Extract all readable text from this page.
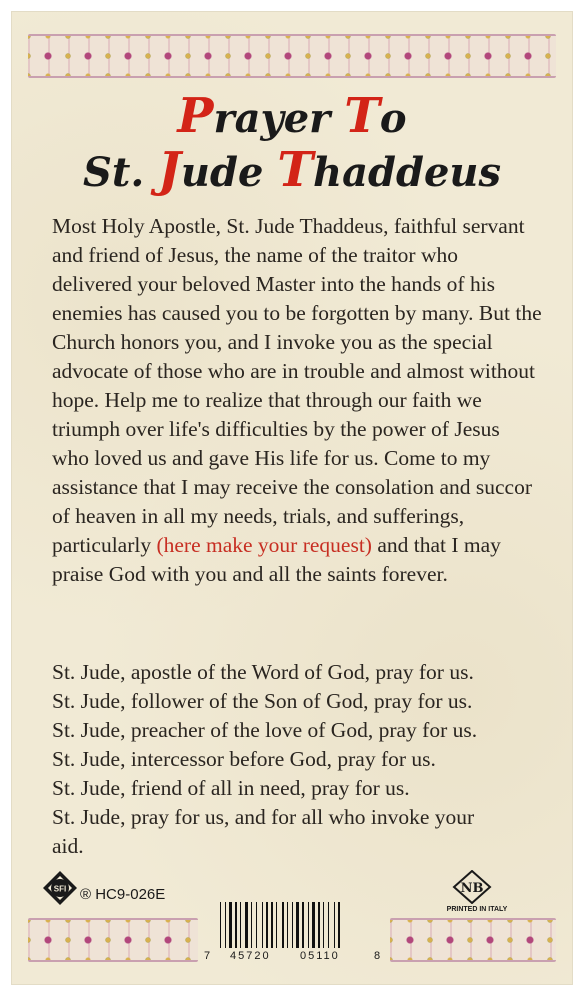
Prayer To
St. Jude Thaddeus
Most Holy Apostle, St. Jude Thaddeus, faithful servant and friend of Jesus, the name of the traitor who delivered your beloved Master into the hands of his enemies has caused you to be forgotten by many. But the Church honors you, and I invoke you as the special advocate of those who are in trouble and almost without hope. Help me to realize that through our faith we triumph over life's difficulties by the power of Jesus who loved us and gave His life for us. Come to my assistance that I may receive the consolation and succor of heaven in all my needs, trials, and sufferings, particularly (here make your request) and that I may praise God with you and all the saints forever.
St. Jude, apostle of the Word of God, pray for us.
St. Jude, follower of the Son of God, pray for us.
St. Jude, preacher of the love of God, pray for us.
St. Jude, intercessor before God, pray for us.
St. Jude, friend of all in need, pray for us.
St. Jude, pray for us, and for all who invoke your
aid.
SFI ® HC9-026E	NB
PRINTED IN ITALY
7 45720	05110	8
